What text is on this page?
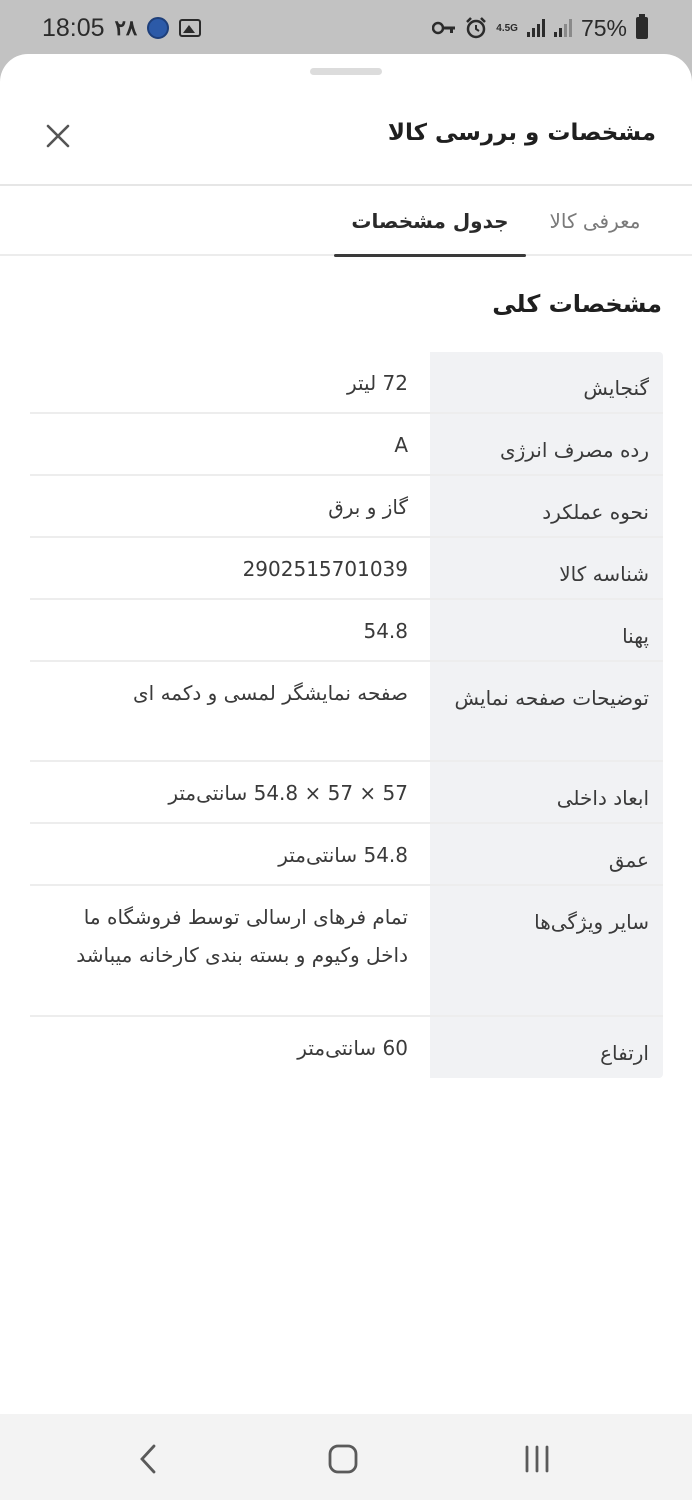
18:05 ۲۸	4.5G	75%
مشخصات و بررسی کالا
معرفی کالا
جدول مشخصات
مشخصات کلی
گنجایش
72 لیتر
رده مصرف انرژی
A
نحوه عملکرد
گاز و برق
شناسه کالا
2902515701039
پهنا
54.8
توضیحات صفحه نمایش
صفحه نمایشگر لمسی و دکمه ای
ابعاد داخلی
57 × 57 × 54.8 سانتی‌متر
عمق
54.8 سانتی‌متر
سایر ویژگی‌ها
تمام فرهای ارسالی توسط فروشگاه ما داخل وکیوم و بسته بندی کارخانه میباشد
ارتفاع
60 سانتی‌متر
